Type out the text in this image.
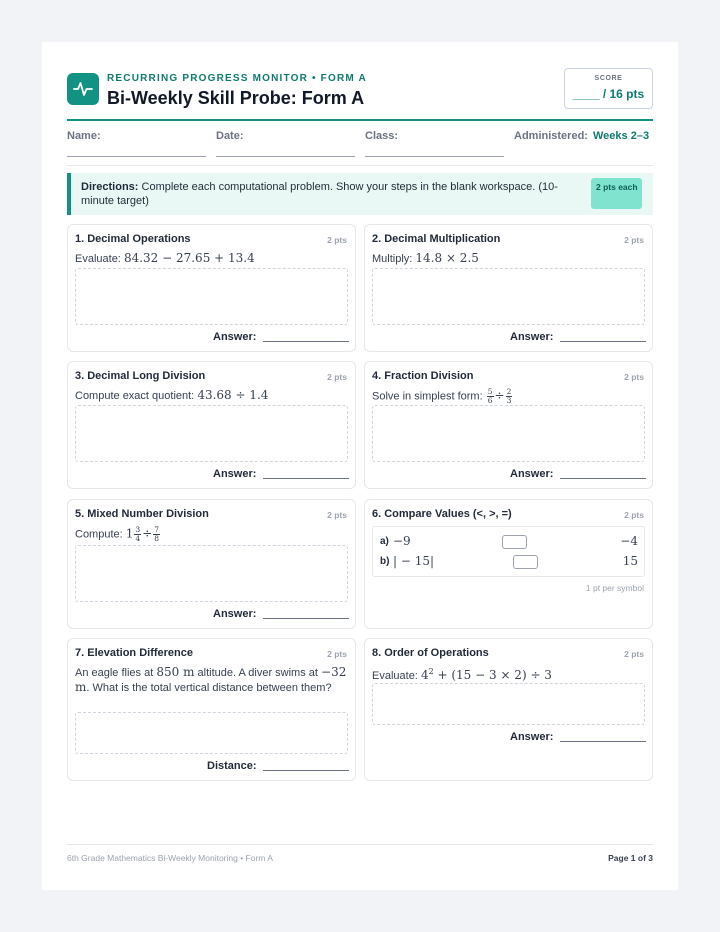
RECURRING PROGRESS MONITOR • FORM A
Bi-Weekly Skill Probe: Form A
SCORE
____ / 16 pts
Name:	Date:	Class:	Administered: Weeks 2–3
Directions: Complete each computational problem. Show your steps in the blank workspace. (10-minute target)
2 pts each
1. Decimal Operations	2 pts
Evaluate: 84.32 − 27.65 + 13.4
Answer:
2. Decimal Multiplication	2 pts
Multiply: 14.8 × 2.5
Answer:
3. Decimal Long Division	2 pts
Compute exact quotient: 43.68 ÷ 1.4
Answer:
4. Fraction Division	2 pts
Solve in simplest form: $\frac{5}{6} \div \frac{2}{3}$
Answer:
5. Mixed Number Division	2 pts
Compute: $1 \frac{3}{4} \div \frac{7}{8}$
Answer:
6. Compare Values (<, >, =)	2 pts
a) −9	−4
b) | − 15|	15
1 pt per symbol
7. Elevation Difference	2 pts
An eagle flies at 850 m altitude. A diver swims at −32 m. What is the total vertical distance between them?
Distance:
8. Order of Operations	2 pts
Evaluate: $4^2 + (15 - 3 \times 2) \div 3$
Answer:
6th Grade Mathematics Bi-Weekly Monitoring • Form A	Page 1 of 3
